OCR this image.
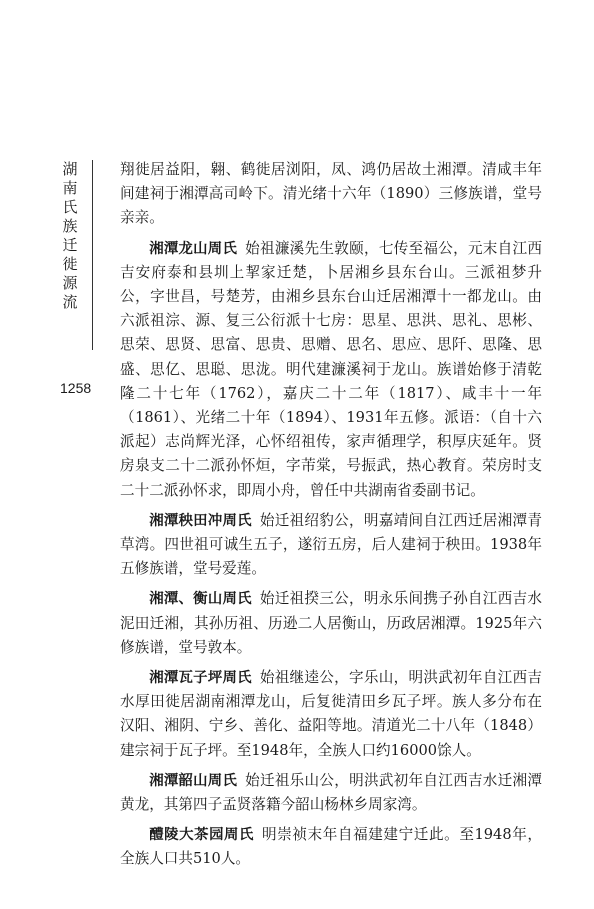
湖南氏族迁徙源流
1258

翔徙居益阳，翱、鹤徙居浏阳，凤、鸿仍居故土湘潭。清咸丰年间建祠于湘潭高司岭下。清光绪十六年（1890）三修族谱，堂号亲亲。

湘潭龙山周氏 始祖濂溪先生敦颐，七传至福公，元末自江西吉安府泰和县圳上挈家迁楚，卜居湘乡县东台山。三派祖梦升公，字世昌，号楚芳，由湘乡县东台山迁居湘潭十一都龙山。由六派祖淙、源、复三公衍派十七房：思星、思洪、思礼、思彬、思荣、思贤、思富、思贵、思赠、思名、思应、思阡、思隆、思盛、思亿、思聪、思泷。明代建濂溪祠于龙山。族谱始修于清乾隆二十七年（1762），嘉庆二十二年（1817）、咸丰十一年（1861）、光绪二十年（1894）、1931年五修。派语：（自十六派起）志尚辉光泽，心怀绍祖传，家声循理学，积厚庆延年。贤房泉支二十二派孙怀烜，字芾棠，号振武，热心教育。荣房时支二十二派孙怀求，即周小舟，曾任中共湖南省委副书记。

湘潭秧田冲周氏 始迁祖绍豹公，明嘉靖间自江西迁居湘潭青草湾。四世祖可诚生五子，遂衍五房，后人建祠于秧田。1938年五修族谱，堂号爱莲。

湘潭、衡山周氏 始迁祖揆三公，明永乐间携子孙自江西吉水泥田迁湘，其孙历祖、历逊二人居衡山，历政居湘潭。1925年六修族谱，堂号敦本。

湘潭瓦子坪周氏 始祖继逵公，字乐山，明洪武初年自江西吉水厚田徙居湖南湘潭龙山，后复徙清田乡瓦子坪。族人多分布在汉阳、湘阴、宁乡、善化、益阳等地。清道光二十八年（1848）建宗祠于瓦子坪。至1948年，全族人口约16000馀人。

湘潭韶山周氏 始迁祖乐山公，明洪武初年自江西吉水迁湘潭黄龙，其第四子孟贤落籍今韶山杨林乡周家湾。

醴陵大茶园周氏 明崇祯末年自福建建宁迁此。至1948年，全族人口共510人。
